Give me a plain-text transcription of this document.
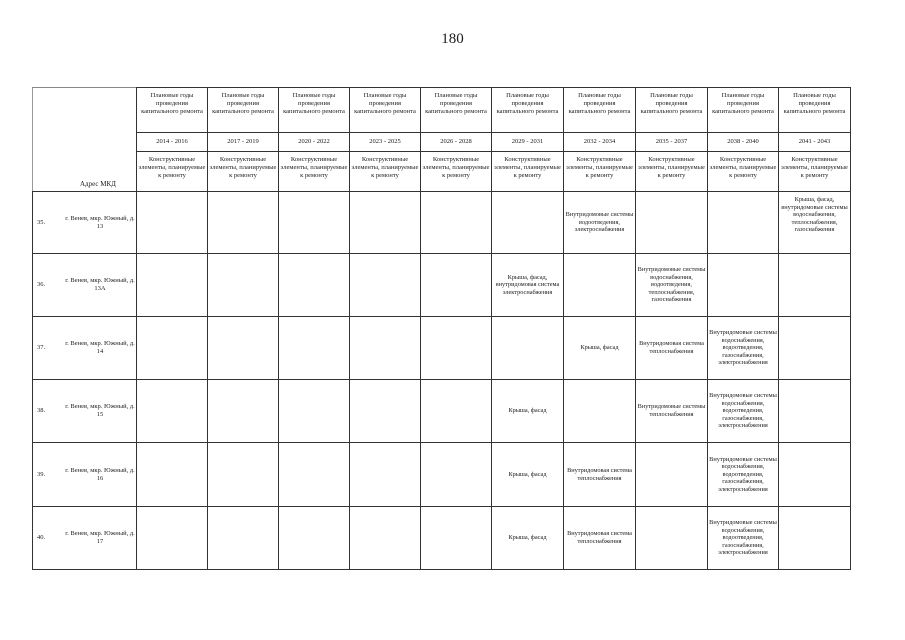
180
Адрес МКД	Плановые годы проведения капитального ремонта	Плановые годы проведения капитального ремонта	Плановые годы проведения капитального ремонта	Плановые годы проведения капитального ремонта	Плановые годы проведения капитального ремонта	Плановые годы проведения капитального ремонта	Плановые годы проведения капитального ремонта	Плановые годы проведения капитального ремонта	Плановые годы проведения капитального ремонта	Плановые годы проведения капитального ремонта
	2014 - 2016	2017 - 2019	2020 - 2022	2023 - 2025	2026 - 2028	2029 - 2031	2032 - 2034	2035 - 2037	2038 - 2040	2041 - 2043
	Конструктивные элементы, планируемые к ремонту	Конструктивные элементы, планируемые к ремонту	Конструктивные элементы, планируемые к ремонту	Конструктивные элементы, планируемые к ремонту	Конструктивные элементы, планируемые к ремонту	Конструктивные элементы, планируемые к ремонту	Конструктивные элементы, планируемые к ремонту	Конструктивные элементы, планируемые к ремонту	Конструктивные элементы, планируемые к ремонту	Конструктивные элементы, планируемые к ремонту

35.
г. Венев, мкр. Южный, д. 13							Внутридомовые системы водоотведения, электроснабжения			Крыша, фасад, внутридомовые системы водоснабжения, теплоснабжения, газоснабжения

36.
г. Венев, мкр. Южный, д. 13А						Крыша, фасад, внутридомовая система электроснабжения		Внутридомовые системы водоснабжения, водоотведения, теплоснабжения, газоснабжения		

37.
г. Венев, мкр. Южный, д. 14							Крыша, фасад	Внутридомовая система теплоснабжения	Внутридомовые системы водоснабжения, водоотведения, газоснабжения, электроснабжения	

38.
г. Венев, мкр. Южный, д. 15						Крыша, фасад		Внутридомовые системы теплоснабжения	Внутридомовые системы водоснабжения, водоотведения, газоснабжения, электроснабжения	

39.
г. Венев, мкр. Южный, д. 16						Крыша, фасад	Внутридомовая система теплоснабжения		Внутридомовые системы водоснабжения, водоотведения, газоснабжения, электроснабжения	

40.
г. Венев, мкр. Южный, д. 17						Крыша, фасад	Внутридомовая система теплоснабжения		Внутридомовые системы водоснабжения, водоотведения, газоснабжения, электроснабжения	
